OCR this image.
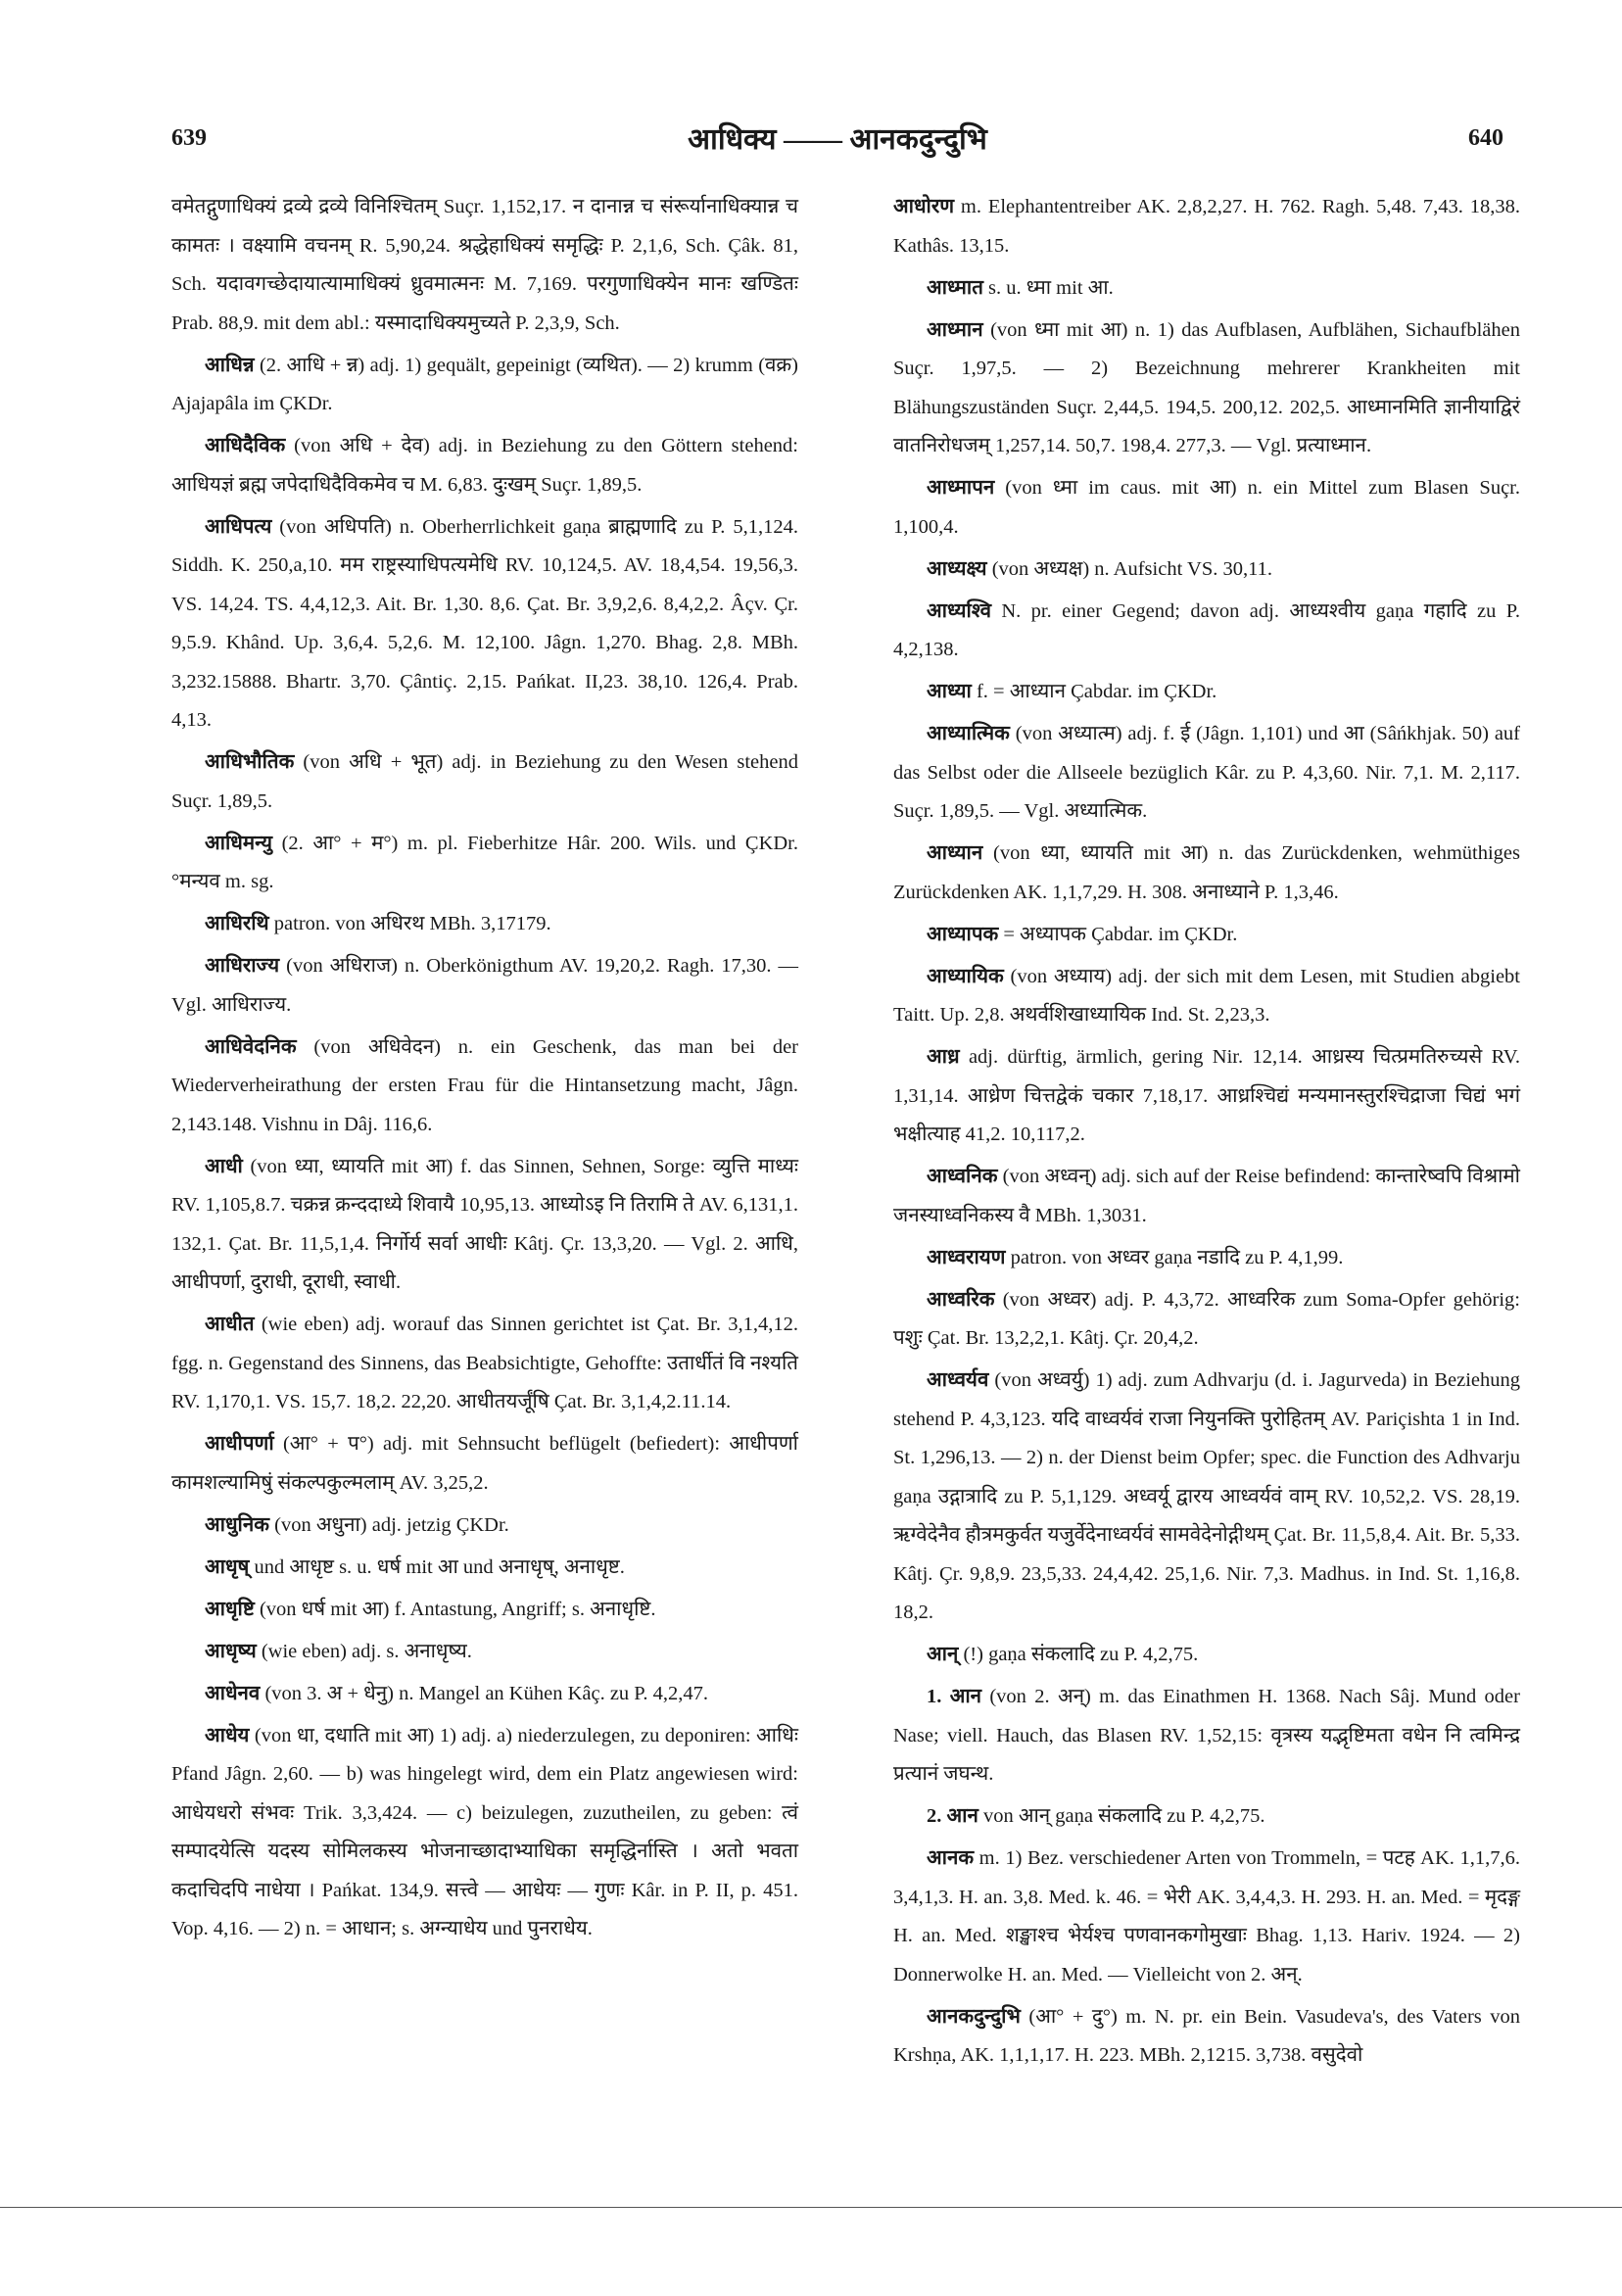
639	आधिक्य —— आनकदुन्दुभि	640

वमेतद्गुणाधिक्यं द्रव्ये द्रव्ये विनिश्चितम् Suçr. 1,152,17. न दानान्न च संरूर्यानाधिक्यान्न च कामतः । वक्ष्यामि वचनम् R. 5,90,24. श्रद्धेहाधिक्यं समृद्धिः P. 2,1,6, Sch. Çâk. 81, Sch. यदावगच्छेदायात्यामाधिक्यं ध्रुवमात्मनः M. 7,169. परगुणाधिक्येन मानः खण्डितः Prab. 88,9. mit dem abl.: यस्मादाधिक्यमुच्यते P. 2,3,9, Sch.

आधिन्न (2. आधि + न्न) adj. 1) gequält, gepeinigt (व्यथित). — 2) krumm (वक्र) Ajajapâla im ÇKDr.

आधिदैविक (von अधि + देव) adj. in Beziehung zu den Göttern stehend: आधियज्ञं ब्रह्म जपेदाधिदैविकमेव च M. 6,83. दुःखम् Suçr. 1,89,5.

आधिपत्य (von अधिपति) n. Oberherrlichkeit gaṇa ब्राह्मणादि zu P. 5,1,124. Siddh. K. 250,a,10. मम राष्ट्रस्याधिपत्यमेधि RV. 10,124,5. AV. 18,4,54. 19,56,3. VS. 14,24. TS. 4,4,12,3. Ait. Br. 1,30. 8,6. Çat. Br. 3,9,2,6. 8,4,2,2. Âçv. Çr. 9,5.9. Khând. Up. 3,6,4. 5,2,6. M. 12,100. Jâgn. 1,270. Bhag. 2,8. MBh. 3,232.15888. Bhartr. 3,70. Çântiç. 2,15. Pańkat. II,23. 38,10. 126,4. Prab. 4,13.

आधिभौतिक (von अधि + भूत) adj. in Beziehung zu den Wesen stehend Suçr. 1,89,5.

आधिमन्यु (2. आ° + म°) m. pl. Fieberhitze Hâr. 200. Wils. und ÇKDr. °मन्यव m. sg.

आधिरथि patron. von अधिरथ MBh. 3,17179.

आधिराज्य (von अधिराज) n. Oberkönigthum AV. 19,20,2. Ragh. 17,30. — Vgl. आधिराज्य.

आधिवेदनिक (von अधिवेदन) n. ein Geschenk, das man bei der Wiederverheirathung der ersten Frau für die Hintansetzung macht, Jâgn. 2,143.148. Vishnu in Dâj. 116,6.

आधी (von ध्या, ध्यायति mit आ) f. das Sinnen, Sehnen, Sorge: व्युत्ति माध्यः RV. 1,105,8.7. चक्रन्न क्रन्ददाध्ये शिवायै 10,95,13. आध्योऽइ नि तिरामि ते AV. 6,131,1. 132,1. Çat. Br. 11,5,1,4. निर्गोर्य सर्वा आधीः Kâtj. Çr. 13,3,20. — Vgl. 2. आधि, आधीपर्णा, दुराधी, दूराधी, स्वाधी.

आधीत (wie eben) adj. worauf das Sinnen gerichtet ist Çat. Br. 3,1,4,12. fgg. n. Gegenstand des Sinnens, das Beabsichtigte, Gehoffte: उतार्धीतं वि नश्यति RV. 1,170,1. VS. 15,7. 18,2. 22,20. आधीतयर्जूंषि Çat. Br. 3,1,4,2.11.14.

आधीपर्णा (आ° + प°) adj. mit Sehnsucht beflügelt (befiedert): आधीपर्णा कामशल्यामिषुं संकल्पकुल्मलाम् AV. 3,25,2.

आधुनिक (von अधुना) adj. jetzig ÇKDr.

आधृष् und आधृष्ट s. u. धर्ष mit आ und अनाधृष्, अनाधृष्ट.

आधृष्टि (von धर्ष mit आ) f. Antastung, Angriff; s. अनाधृष्टि.

आधृष्य (wie eben) adj. s. अनाधृष्य.

आधेनव (von 3. अ + धेनु) n. Mangel an Kühen Kâç. zu P. 4,2,47.

आधेय (von धा, दधाति mit आ) 1) adj. a) niederzulegen, zu deponiren: आधिः Pfand Jâgn. 2,60. — b) was hingelegt wird, dem ein Platz angewiesen wird: आधेयधरो संभवः Trik. 3,3,424. — c) beizulegen, zuzutheilen, zu geben: त्वं सम्पादयेत्सि यदस्य सोमिलकस्य भोजनाच्छादाभ्याधिका समृद्धिर्नास्ति । अतो भवता कदाचिदपि नाधेया । Pańkat. 134,9. सत्त्वे — आधेयः — गुणः Kâr. in P. II, p. 451. Vop. 4,16. — 2) n. = आधान; s. अग्न्याधेय und पुनराधेय.

आधोरण m. Elephantentreiber AK. 2,8,2,27. H. 762. Ragh. 5,48. 7,43. 18,38. Kathâs. 13,15.

आध्मात s. u. ध्मा mit आ.

आध्मान (von ध्मा mit आ) n. 1) das Aufblasen, Aufblähen, Sichaufblähen Suçr. 1,97,5. — 2) Bezeichnung mehrerer Krankheiten mit Blähungszuständen Suçr. 2,44,5. 194,5. 200,12. 202,5. आध्मानमिति ज्ञानीयाद्विरं वातनिरोधजम् 1,257,14. 50,7. 198,4. 277,3. — Vgl. प्रत्याध्मान.

आध्मापन (von ध्मा im caus. mit आ) n. ein Mittel zum Blasen Suçr. 1,100,4.

आध्यक्ष्य (von अध्यक्ष) n. Aufsicht VS. 30,11.

आध्यश्वि N. pr. einer Gegend; davon adj. आध्यश्वीय gaṇa गहादि zu P. 4,2,138.

आध्या f. = आध्यान Çabdar. im ÇKDr.

आध्यात्मिक (von अध्यात्म) adj. f. ई (Jâgn. 1,101) und आ (Sâńkhjak. 50) auf das Selbst oder die Allseele bezüglich Kâr. zu P. 4,3,60. Nir. 7,1. M. 2,117. Suçr. 1,89,5. — Vgl. अध्यात्मिक.

आध्यान (von ध्या, ध्यायति mit आ) n. das Zurückdenken, wehmüthiges Zurückdenken AK. 1,1,7,29. H. 308. अनाध्याने P. 1,3,46.

आध्यापक = अध्यापक Çabdar. im ÇKDr.

आध्यायिक (von अध्याय) adj. der sich mit dem Lesen, mit Studien abgiebt Taitt. Up. 2,8. अथर्वशिखाध्यायिक Ind. St. 2,23,3.

आध्र adj. dürftig, ärmlich, gering Nir. 12,14. आध्रस्य चित्प्रमतिरुच्यसे RV. 1,31,14. आध्रेण चित्तद्वेकं चकार 7,18,17. आध्रश्चिद्यं मन्यमानस्तुरश्चिद्राजा चिद्यं भगं भक्षीत्याह 41,2. 10,117,2.

आध्वनिक (von अध्वन्) adj. sich auf der Reise befindend: कान्तारेष्वपि विश्रामो जनस्याध्वनिकस्य वै MBh. 1,3031.

आध्वरायण patron. von अध्वर gaṇa नडादि zu P. 4,1,99.

आध्वरिक (von अध्वर) adj. P. 4,3,72. आध्वरिक zum Soma-Opfer gehörig: पशुः Çat. Br. 13,2,2,1. Kâtj. Çr. 20,4,2.

आध्वर्यव (von अध्वर्यु) 1) adj. zum Adhvarju (d. i. Jagurveda) in Beziehung stehend P. 4,3,123. यदि वाध्वर्यवं राजा नियुनक्ति पुरोहितम् AV. Pariçishta 1 in Ind. St. 1,296,13. — 2) n. der Dienst beim Opfer; spec. die Function des Adhvarju gaṇa उद्गात्रादि zu P. 5,1,129. अध्वर्यू द्वारय आध्वर्यवं वाम् RV. 10,52,2. VS. 28,19. ऋग्वेदेनैव हौत्रमकुर्वत यजुर्वेदेनाध्वर्यवं सामवेदेनोद्गीथम् Çat. Br. 11,5,8,4. Ait. Br. 5,33. Kâtj. Çr. 9,8,9. 23,5,33. 24,4,42. 25,1,6. Nir. 7,3. Madhus. in Ind. St. 1,16,8. 18,2.

आन् (!) gaṇa संकलादि zu P. 4,2,75.

1. आन (von 2. अन्) m. das Einathmen H. 1368. Nach Sâj. Mund oder Nase; viell. Hauch, das Blasen RV. 1,52,15: वृत्रस्य यद्भृष्टिमता वधेन नि त्वमिन्द्र प्रत्यानं जघन्थ.

2. आन von आन् gaṇa संकलादि zu P. 4,2,75.

आनक m. 1) Bez. verschiedener Arten von Trommeln, = पटह AK. 1,1,7,6. 3,4,1,3. H. an. 3,8. Med. k. 46. = भेरी AK. 3,4,4,3. H. 293. H. an. Med. = मृदङ्ग H. an. Med. शङ्खाश्च भेर्यश्च पणवानकगोमुखाः Bhag. 1,13. Hariv. 1924. — 2) Donnerwolke H. an. Med. — Vielleicht von 2. अन्.

आनकदुन्दुभि (आ° + दु°) m. N. pr. ein Bein. Vasudeva's, des Vaters von Krshṇa, AK. 1,1,1,17. H. 223. MBh. 2,1215. 3,738. वसुदेवो
